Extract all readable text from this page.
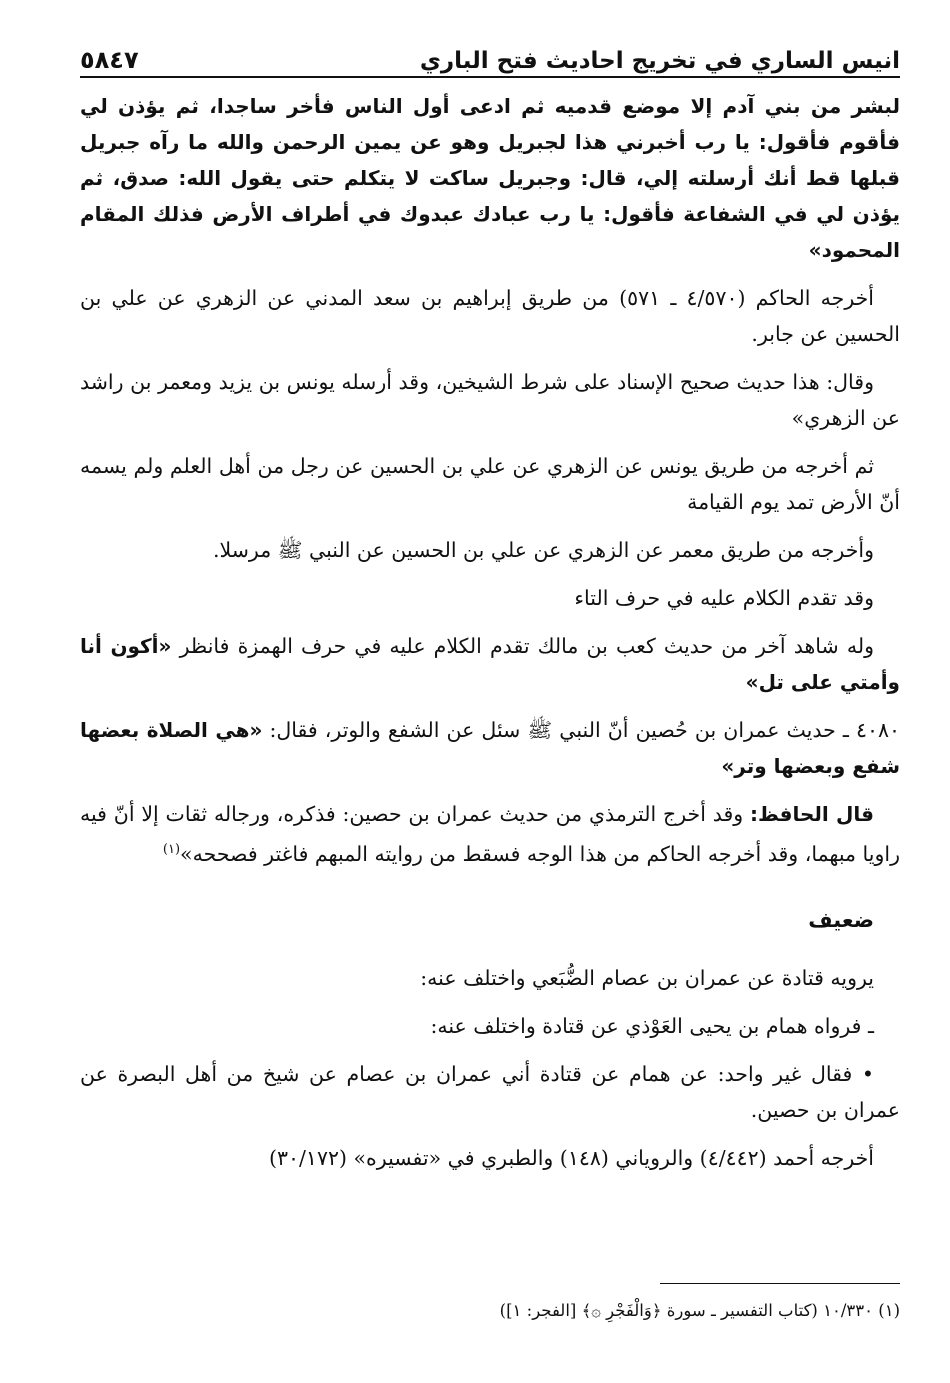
انيس الساري في تخريج احاديث فتح الباري
٥٨٤٧

لبشر من بني آدم إلا موضع قدميه ثم ادعى أول الناس فأخر ساجدا، ثم يؤذن لي فأقوم فأقول: يا رب أخبرني هذا لجبريل وهو عن يمين الرحمن والله ما رآه جبريل قبلها قط أنك أرسلته إلي، قال: وجبريل ساكت لا يتكلم حتى يقول الله: صدق، ثم يؤذن لي في الشفاعة فأقول: يا رب عبادك عبدوك في أطراف الأرض فذلك المقام المحمود»

أخرجه الحاكم (٤/٥٧٠ ـ ٥٧١) من طريق إبراهيم بن سعد المدني عن الزهري عن علي بن الحسين عن جابر.

وقال: هذا حديث صحيح الإسناد على شرط الشيخين، وقد أرسله يونس بن يزيد ومعمر بن راشد عن الزهري»

ثم أخرجه من طريق يونس عن الزهري عن علي بن الحسين عن رجل من أهل العلم ولم يسمه أنّ الأرض تمد يوم القيامة

وأخرجه من طريق معمر عن الزهري عن علي بن الحسين عن النبي ﷺ مرسلا.

وقد تقدم الكلام عليه في حرف التاء

وله شاهد آخر من حديث كعب بن مالك تقدم الكلام عليه في حرف الهمزة فانظر «أكون أنا وأمتي على تل»

٤٠٨٠ ـ حديث عمران بن حُصين أنّ النبي ﷺ سئل عن الشفع والوتر، فقال: «هي الصلاة بعضها شفع وبعضها وتر»

قال الحافظ: وقد أخرج الترمذي من حديث عمران بن حصين: فذكره، ورجاله ثقات إلا أنّ فيه راويا مبهما، وقد أخرجه الحاكم من هذا الوجه فسقط من روايته المبهم فاغتر فصححه»$^{(١)}$

ضعيف

يرويه قتادة عن عمران بن عصام الضُّبَعي واختلف عنه:

ـ فرواه همام بن يحيى العَوْذي عن قتادة واختلف عنه:

• فقال غير واحد: عن همام عن قتادة أني عمران بن عصام عن شيخ من أهل البصرة عن عمران بن حصين.

أخرجه أحمد (٤/٤٤٢) والروياني (١٤٨) والطبري في «تفسيره» (٣٠/١٧٢)

(١) ١٠/٣٣٠ (كتاب التفسير ـ سورة ﴿وَالْفَجْرِ ۞﴾ [الفجر: ١])
